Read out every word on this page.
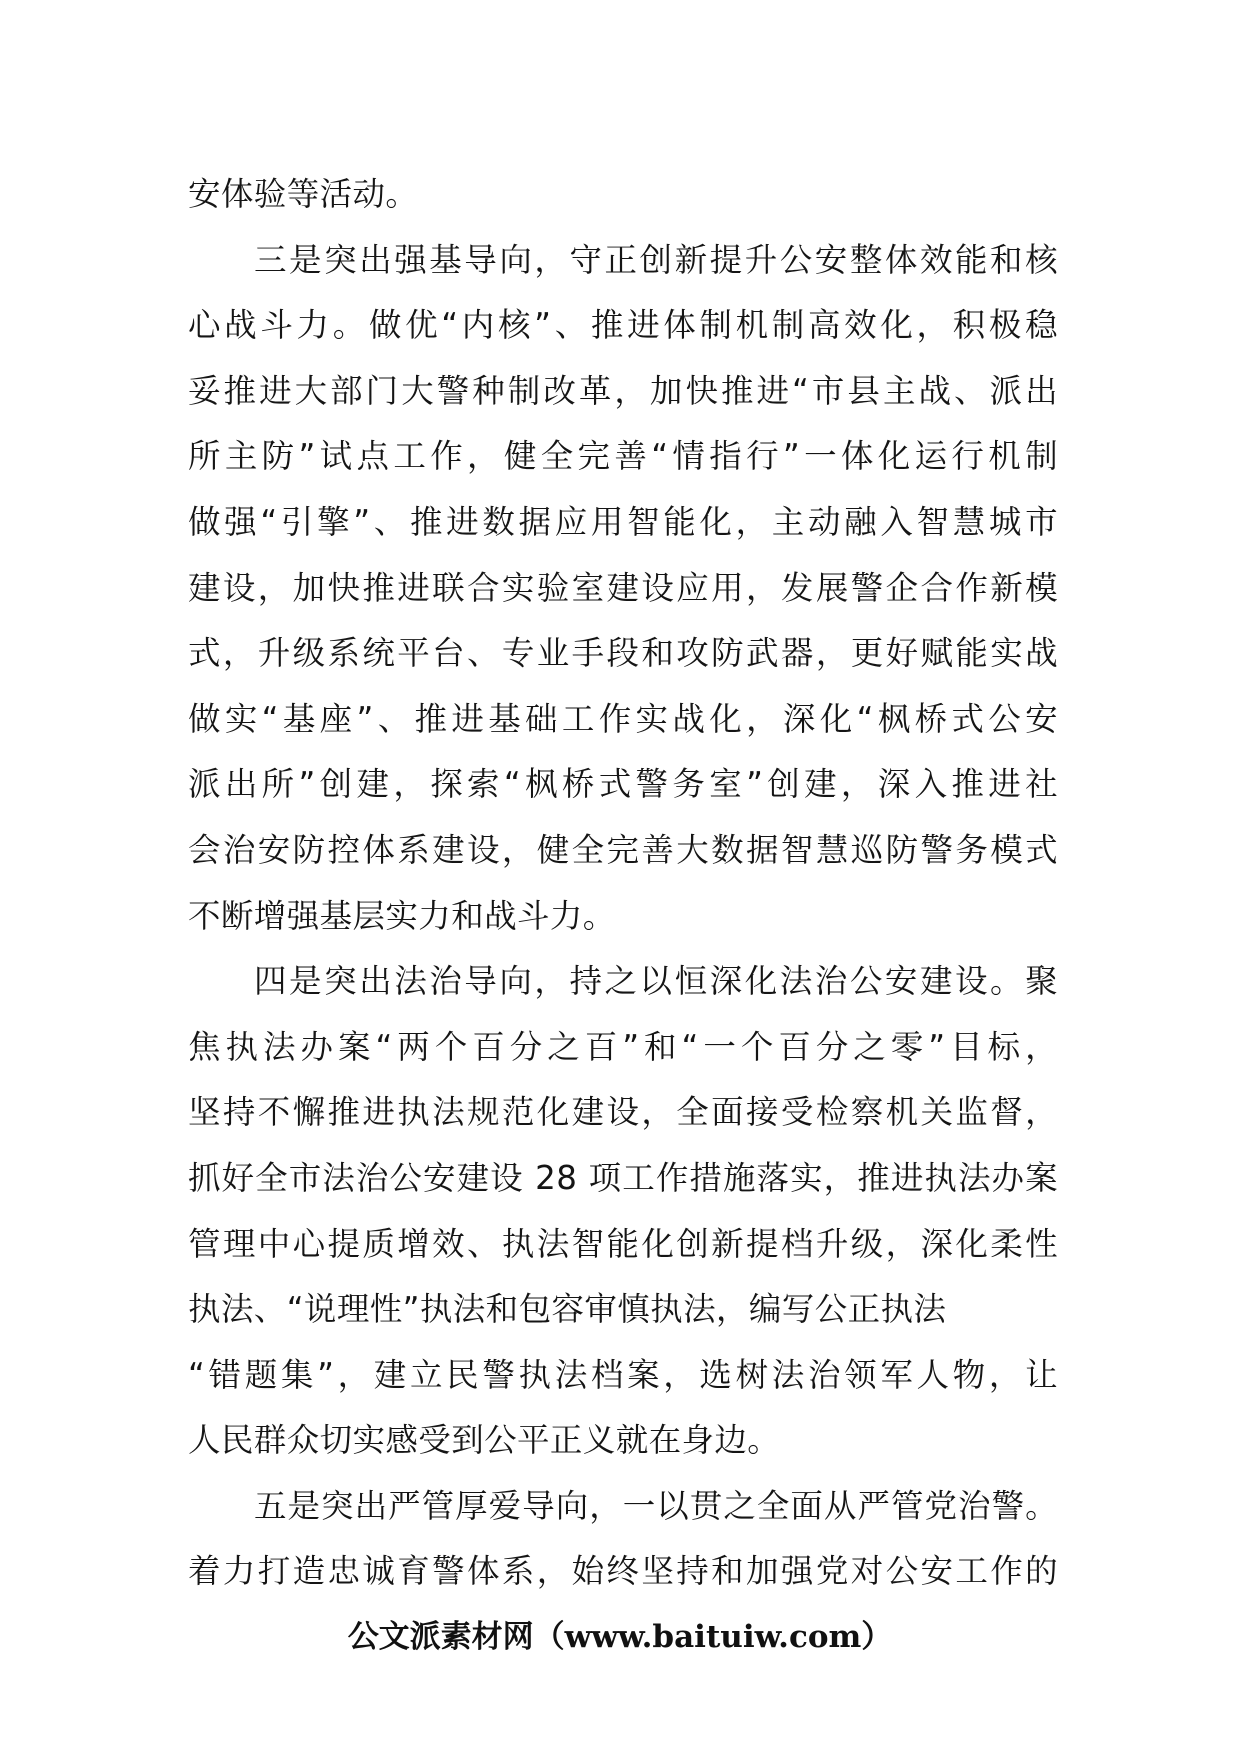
安体验等活动。
三是突出强基导向，守正创新提升公安整体效能和核
心战斗力。做优“内核”、推进体制机制高效化，积极稳
妥推进大部门大警种制改革，加快推进“市县主战、派出
所主防”试点工作，健全完善“情指行”一体化运行机制
做强“引擎”、推进数据应用智能化，主动融入智慧城市
建设，加快推进联合实验室建设应用，发展警企合作新模
式，升级系统平台、专业手段和攻防武器，更好赋能实战
做实“基座”、推进基础工作实战化，深化“枫桥式公安
派出所”创建，探索“枫桥式警务室”创建，深入推进社
会治安防控体系建设，健全完善大数据智慧巡防警务模式
不断增强基层实力和战斗力。
四是突出法治导向，持之以恒深化法治公安建设。聚
焦执法办案“两个百分之百”和“一个百分之零”目标，
坚持不懈推进执法规范化建设，全面接受检察机关监督，
抓好全市法治公安建设 28 项工作措施落实，推进执法办案
管理中心提质增效、执法智能化创新提档升级，深化柔性
执法、“说理性”执法和包容审慎执法，编写公正执法
“错题集”，建立民警执法档案，选树法治领军人物，让
人民群众切实感受到公平正义就在身边。
五是突出严管厚爱导向，一以贯之全面从严管党治警。
着力打造忠诚育警体系，始终坚持和加强党对公安工作的
公文派素材网（www.baituiw.com）
